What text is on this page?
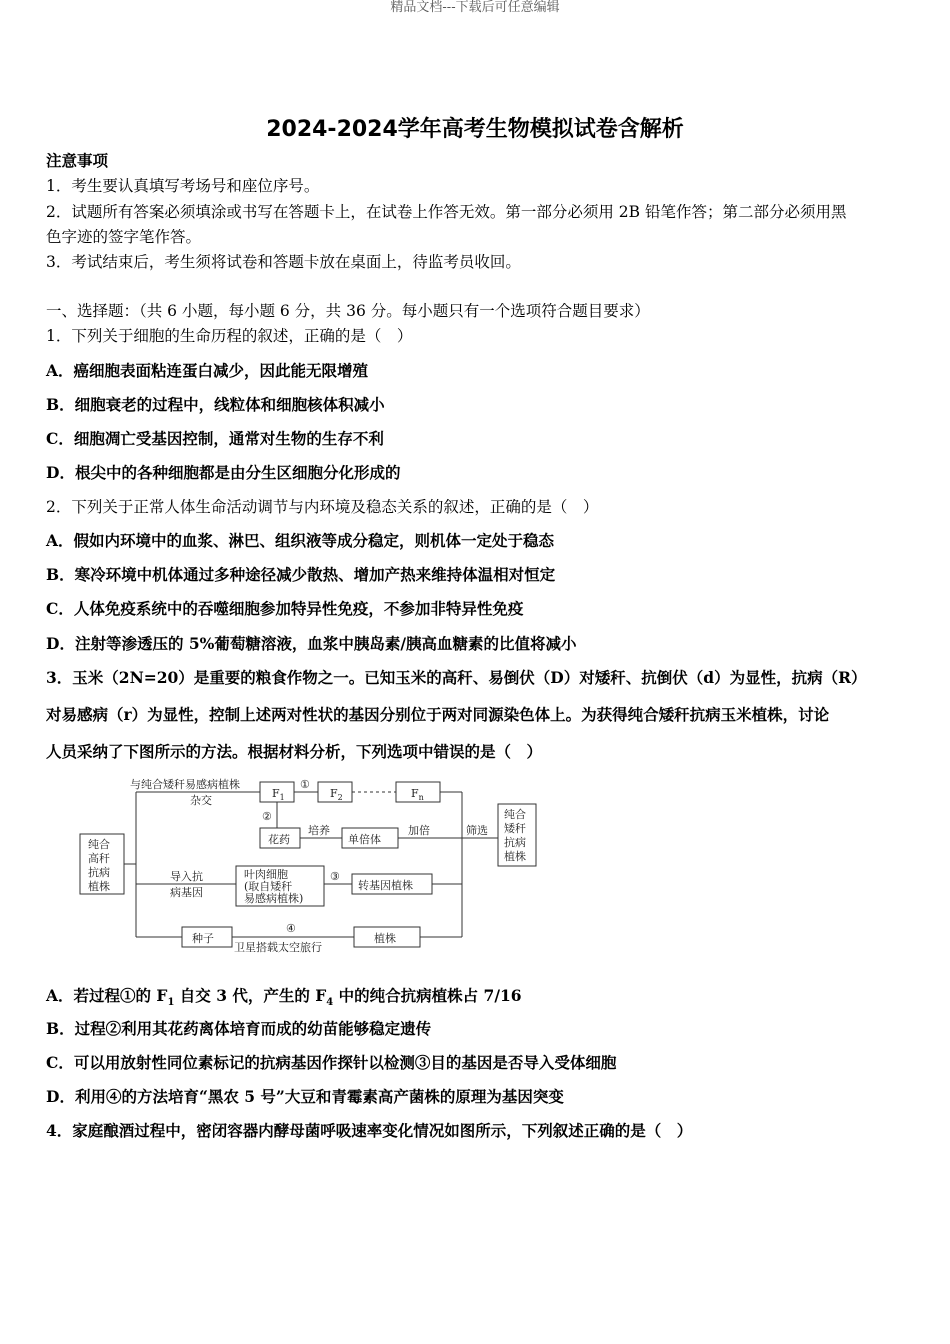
精品文档---下载后可任意编辑
2024-2024学年高考生物模拟试卷含解析
注意事项
1．考生要认真填写考场号和座位序号。
2．试题所有答案必须填涂或书写在答题卡上，在试卷上作答无效。第一部分必须用 2B 铅笔作答；第二部分必须用黑
色字迹的签字笔作答。
3．考试结束后，考生须将试卷和答题卡放在桌面上，待监考员收回。
一、选择题：（共 6 小题，每小题 6 分，共 36 分。每小题只有一个选项符合题目要求）
1．下列关于细胞的生命历程的叙述，正确的是（　）
A．癌细胞表面粘连蛋白减少，因此能无限增殖
B．细胞衰老的过程中，线粒体和细胞核体积减小
C．细胞凋亡受基因控制，通常对生物的生存不利
D．根尖中的各种细胞都是由分生区细胞分化形成的
2．下列关于正常人体生命活动调节与内环境及稳态关系的叙述，正确的是（　）
A．假如内环境中的血浆、淋巴、组织液等成分稳定，则机体一定处于稳态
B．寒冷环境中机体通过多种途径减少散热、增加产热来维持体温相对恒定
C．人体免疫系统中的吞噬细胞参加特异性免疫，不参加非特异性免疫
D．注射等渗透压的 5%葡萄糖溶液，血浆中胰岛素/胰高血糖素的比值将减小
3．玉米（2N=20）是重要的粮食作物之一。已知玉米的高秆、易倒伏（D）对矮秆、抗倒伏（d）为显性，抗病（R）
对易感病（r）为显性，控制上述两对性状的基因分别位于两对同源染色体上。为获得纯合矮秆抗病玉米植株，讨论
人员采纳了下图所示的方法。根据材料分析，下列选项中错误的是（　）
纯合
高秆
抗病
植株
与纯合矮秆易感病植株
杂交
$F_1$
①
$F_2$	$F_n$
②
花药
培养
单倍体
加倍	筛选
纯合
矮秆
抗病
植株
导入抗
病基因
叶肉细胞
(取自矮秆
易感病植株)
③
转基因植株
种子
④
卫星搭载太空旅行
植株
A．若过程①的 $F_1$ 自交 3 代，产生的 $F_4$ 中的纯合抗病植株占 7/16
B．过程②利用其花药离体培育而成的幼苗能够稳定遗传
C．可以用放射性同位素标记的抗病基因作探针以检测③目的基因是否导入受体细胞
D．利用④的方法培育“黑农 5 号”大豆和青霉素高产菌株的原理为基因突变
4．家庭酿酒过程中，密闭容器内酵母菌呼吸速率变化情况如图所示，下列叙述正确的是（　）
